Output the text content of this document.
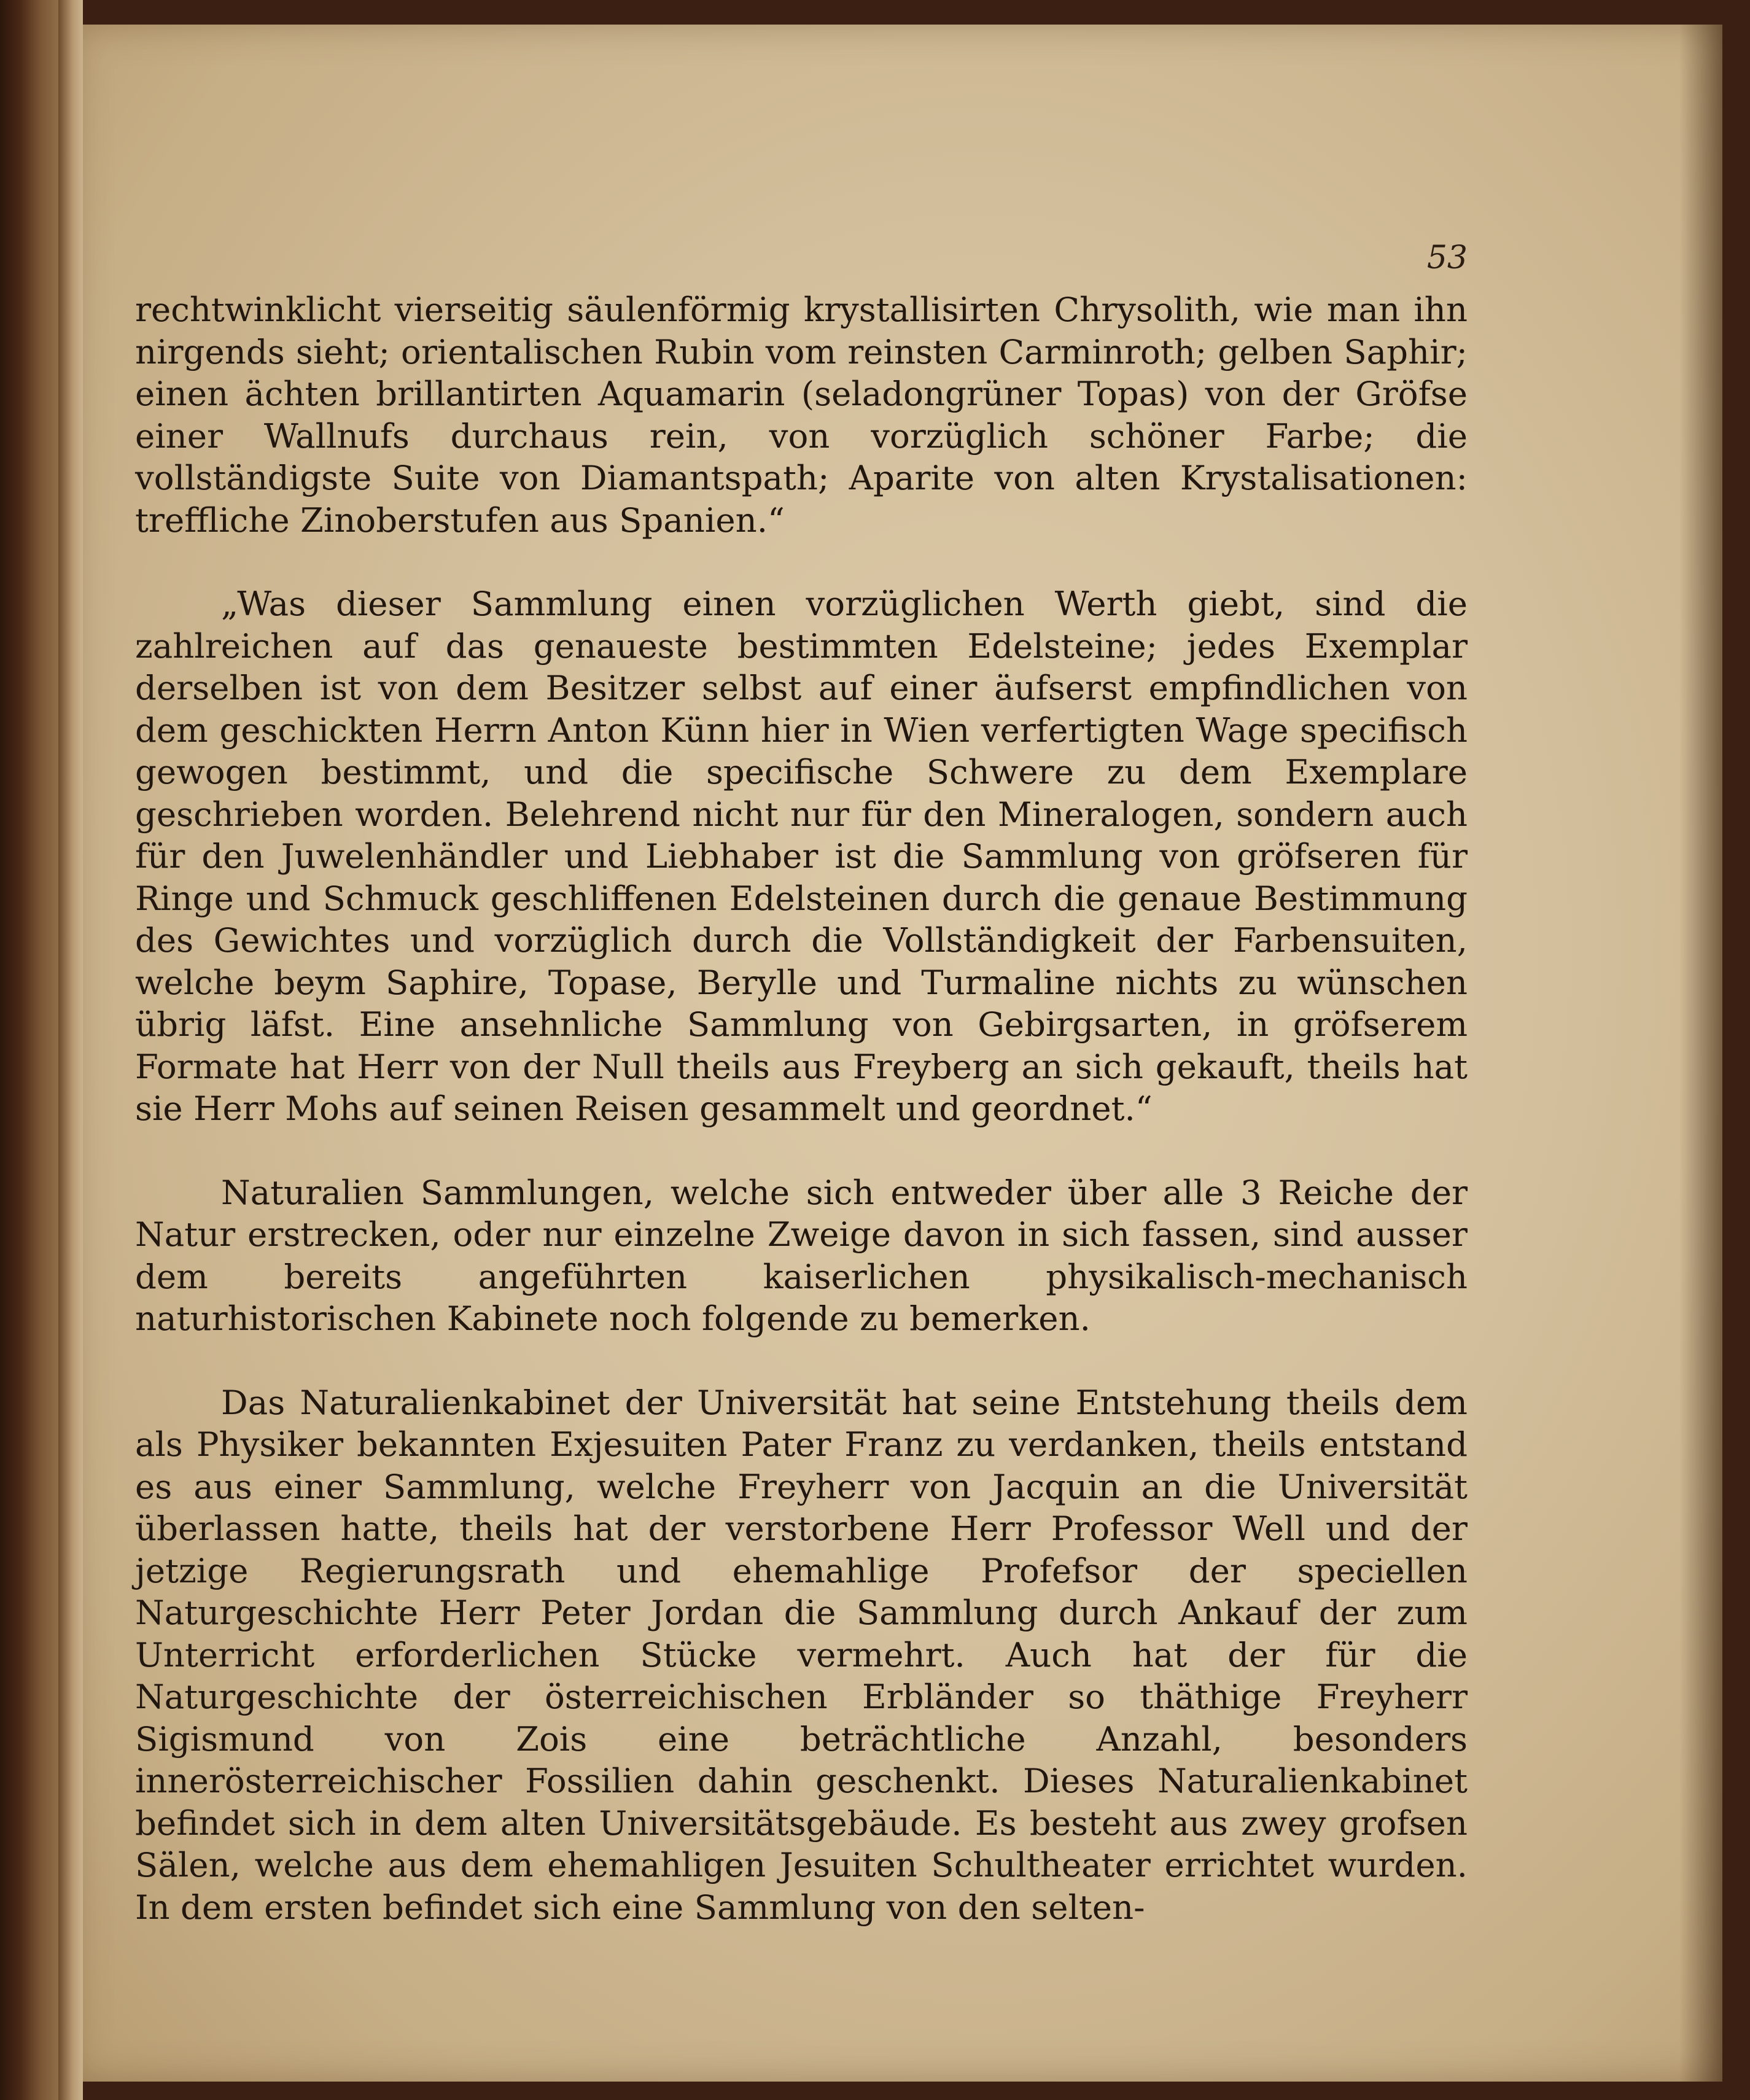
53

rechtwinklicht vierseitig säulenförmig krystallisirten Chrysolith, wie man ihn nirgends sieht; orientalischen Rubin vom reinsten Carminroth; gelben Saphir; einen ächten brillantirten Aquamarin (seladongrüner Topas) von der Gröfse einer Wallnufs durchaus rein, von vorzüglich schöner Farbe; die vollständigste Suite von Diamantspath; Aparite von alten Krystalisationen: treffliche Zinoberstufen aus Spanien.“

„Was dieser Sammlung einen vorzüglichen Werth giebt, sind die zahlreichen auf das genaueste bestimmten Edelsteine; jedes Exemplar derselben ist von dem Besitzer selbst auf einer äufserst empfindlichen von dem geschickten Herrn Anton Künn hier in Wien verfertigten Wage specifisch gewogen bestimmt, und die specifische Schwere zu dem Exemplare geschrieben worden. Belehrend nicht nur für den Mineralogen, sondern auch für den Juwelenhändler und Liebhaber ist die Sammlung von gröfseren für Ringe und Schmuck geschliffenen Edelsteinen durch die genaue Bestimmung des Gewichtes und vorzüglich durch die Vollständigkeit der Farbensuiten, welche beym Saphire, Topase, Berylle und Turmaline nichts zu wünschen übrig läfst. Eine ansehnliche Sammlung von Gebirgsarten, in gröfserem Formate hat Herr von der Null theils aus Freyberg an sich gekauft, theils hat sie Herr Mohs auf seinen Reisen gesammelt und geordnet.“

Naturalien Sammlungen, welche sich entweder über alle 3 Reiche der Natur erstrecken, oder nur einzelne Zweige davon in sich fassen, sind ausser dem bereits angeführten kaiserlichen physikalisch-mechanisch naturhistorischen Kabinete noch folgende zu bemerken.

Das Naturalienkabinet der Universität hat seine Entstehung theils dem als Physiker bekannten Exjesuiten Pater Franz zu verdanken, theils entstand es aus einer Sammlung, welche Freyherr von Jacquin an die Universität überlassen hatte, theils hat der verstorbene Herr Professor Well und der jetzige Regierungsrath und ehemahlige Profefsor der speciellen Naturgeschichte Herr Peter Jordan die Sammlung durch Ankauf der zum Unterricht erforderlichen Stücke vermehrt. Auch hat der für die Naturgeschichte der österreichischen Erbländer so thäthige Freyherr Sigismund von Zois eine beträchtliche Anzahl, besonders innerösterreichischer Fossilien dahin geschenkt. Dieses Naturalienkabinet befindet sich in dem alten Universitätsgebäude. Es besteht aus zwey grofsen Sälen, welche aus dem ehemahligen Jesuiten Schultheater errichtet wurden. In dem ersten befindet sich eine Sammlung von den selten-
